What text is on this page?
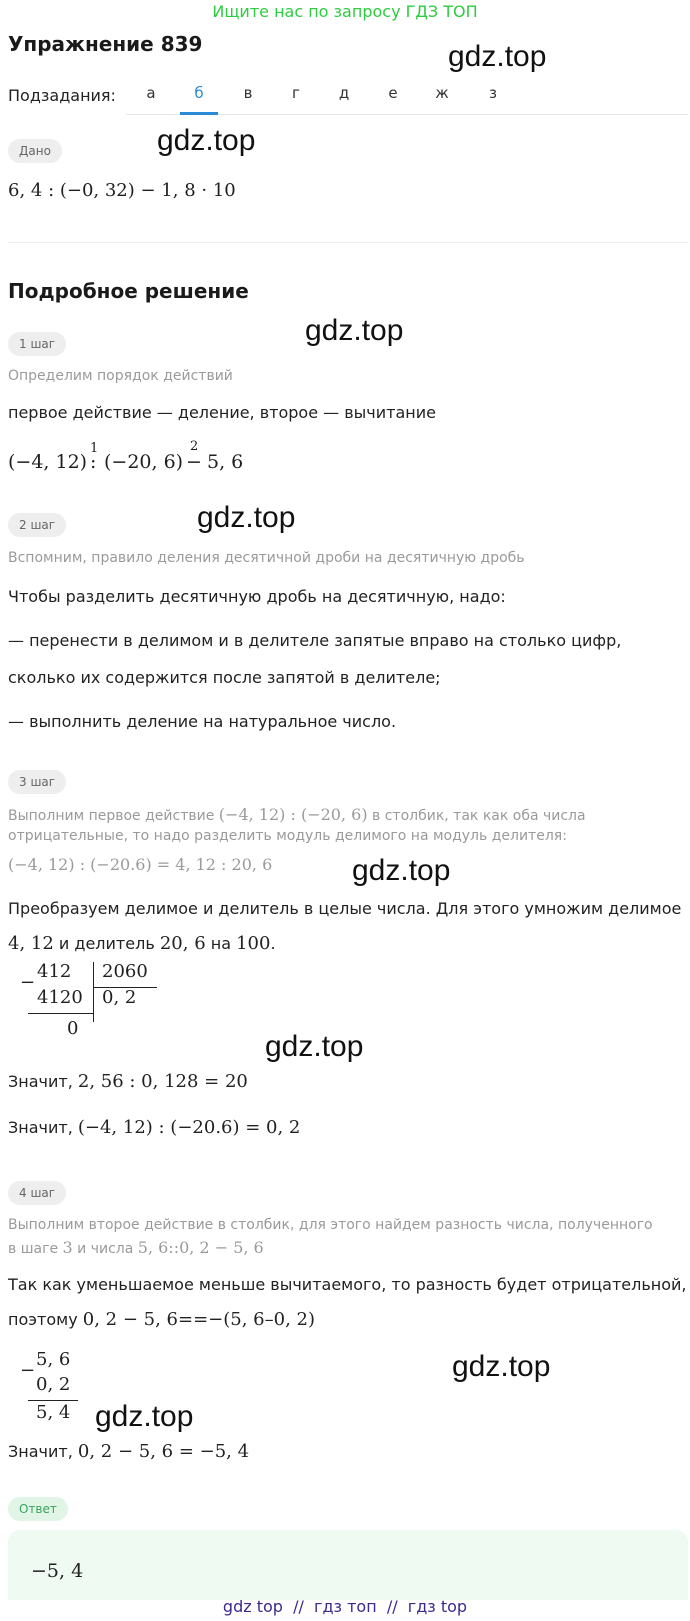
Ищите нас по запросу ГДЗ ТОП
Упражнение 839	gdz.top
gdz.top
gdz.top
gdz.top
gdz.top
gdz.top
gdz.top
gdz.top
Подзадания:	а	б	в	г	д	е	ж	з
Дано
6, 4 : (−0, 32) − 1, 8 · 10
Подробное решение
1 шаг
Определим порядок действий
первое действие — деление, второе — вычитание
(−4, 12)
1
: (−20, 6)
2
− 5, 6
2 шаг
Вспомним, правило деления десятичной дроби на десятичную дробь
Чтобы разделить десятичную дробь на десятичную, надо:
— перенести в делимом и в делителе запятые вправо на столько цифр,
сколько их содержится после запятой в делителе;
— выполнить деление на натуральное число.
3 шаг
Выполним первое действие (−4, 12) : (−20, 6) в столбик, так как оба числа
отрицательные, то надо разделить модуль делимого на модуль делителя:
(−4, 12) : (−20.6) = 4, 12 : 20, 6
Преобразуем делимое и делитель в целые числа. Для этого умножим делимое
4, 12 и делитель 20, 6 на 100.
−
412 2060
4120 0, 2
0
Значит, 2, 56 : 0, 128 = 20
Значит, (−4, 12) : (−20.6) = 0, 2
4 шаг
Выполним второе действие в столбик, для этого найдем разность числа, полученного
в шаге 3 и числа 5, 6::0, 2 − 5, 6
Так как уменьшаемое меньше вычитаемого, то разность будет отрицательной,
поэтому 0, 2 − 5, 6==−(5, 6–0, 2)
−
5, 6
0, 2
5, 4
Значит, 0, 2 − 5, 6 = −5, 4
Ответ
−5, 4
gdz top  //  гдз топ  //  гдз top
